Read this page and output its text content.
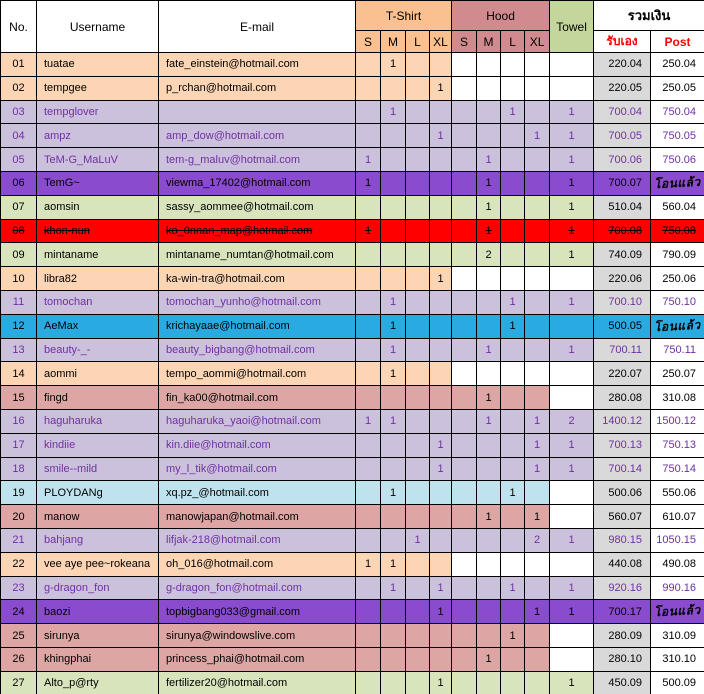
No.	Username	E-mail	T-Shirt				Hood				Towel	รวมเงิน	
			S	M	L	XL	S	M	L	XL		รับเอง	Post
01	tuatae	fate_einstein@hotmail.com		1								220.04	250.04
02	tempgee	p_rchan@hotmail.com				1						220.05	250.05
03	tempglover			1					1		1	700.04	750.04
04	ampz	amp_dow@hotmail.com				1				1	1	700.05	750.05
05	TeM-G_MaLuV	tem-g_maluv@hotmail.com	1					1			1	700.06	750.06
06	TemG~	viewma_17402@hotmail.com	1					1			1	700.07	โอนแล้ว
07	aomsin	sassy_aommee@hotmail.com						1			1	510.04	560.04
08	khon-nun	ko_0nnan_map@hotmail.com	1					1			1	700.08	750.08
09	mintaname	mintaname_numtan@hotmail.com						2			1	740.09	790.09
10	libra82	ka-win-tra@hotmail.com				1						220.06	250.06
11	tomochan	tomochan_yunho@hotmail.com		1					1		1	700.10	750.10
12	AeMax	krichayaae@hotmail.com		1					1			500.05	โอนแล้ว
13	beauty-_-	beauty_bigbang@hotmail.com		1				1			1	700.11	750.11
14	aommi	tempo_aommi@hotmail.com		1								220.07	250.07
15	fingd	fin_ka00@hotmail.com						1				280.08	310.08
16	haguharuka	haguharuka_yaoi@hotmail.com	1	1				1		1	2	1400.12	1500.12
17	kindiie	kin.diie@hotmail.com				1				1	1	700.13	750.13
18	smile--mild	my_l_tik@hotmail.com				1				1	1	700.14	750.14
19	PLOYDANg	xq.pz_@hotmail.com		1					1			500.06	550.06
20	manow	manowjapan@hotmail.com						1		1		560.07	610.07
21	bahjang	lifjak-218@hotmail.com			1					2	1	980.15	1050.15
22	vee aye pee~rokeana	oh_016@hotmail.com	1	1								440.08	490.08
23	g-dragon_fon	g-dragon_fon@hotmail.com		1		1			1		1	920.16	990.16
24	baozi	topbigbang033@gmail.com				1				1	1	700.17	โอนแล้ว
25	sirunya	sirunya@windowslive.com							1			280.09	310.09
26	khingphai	princess_phai@hotmail.com						1				280.10	310.10
27	Alto_p@rty	fertilizer20@hotmail.com				1					1	450.09	500.09
